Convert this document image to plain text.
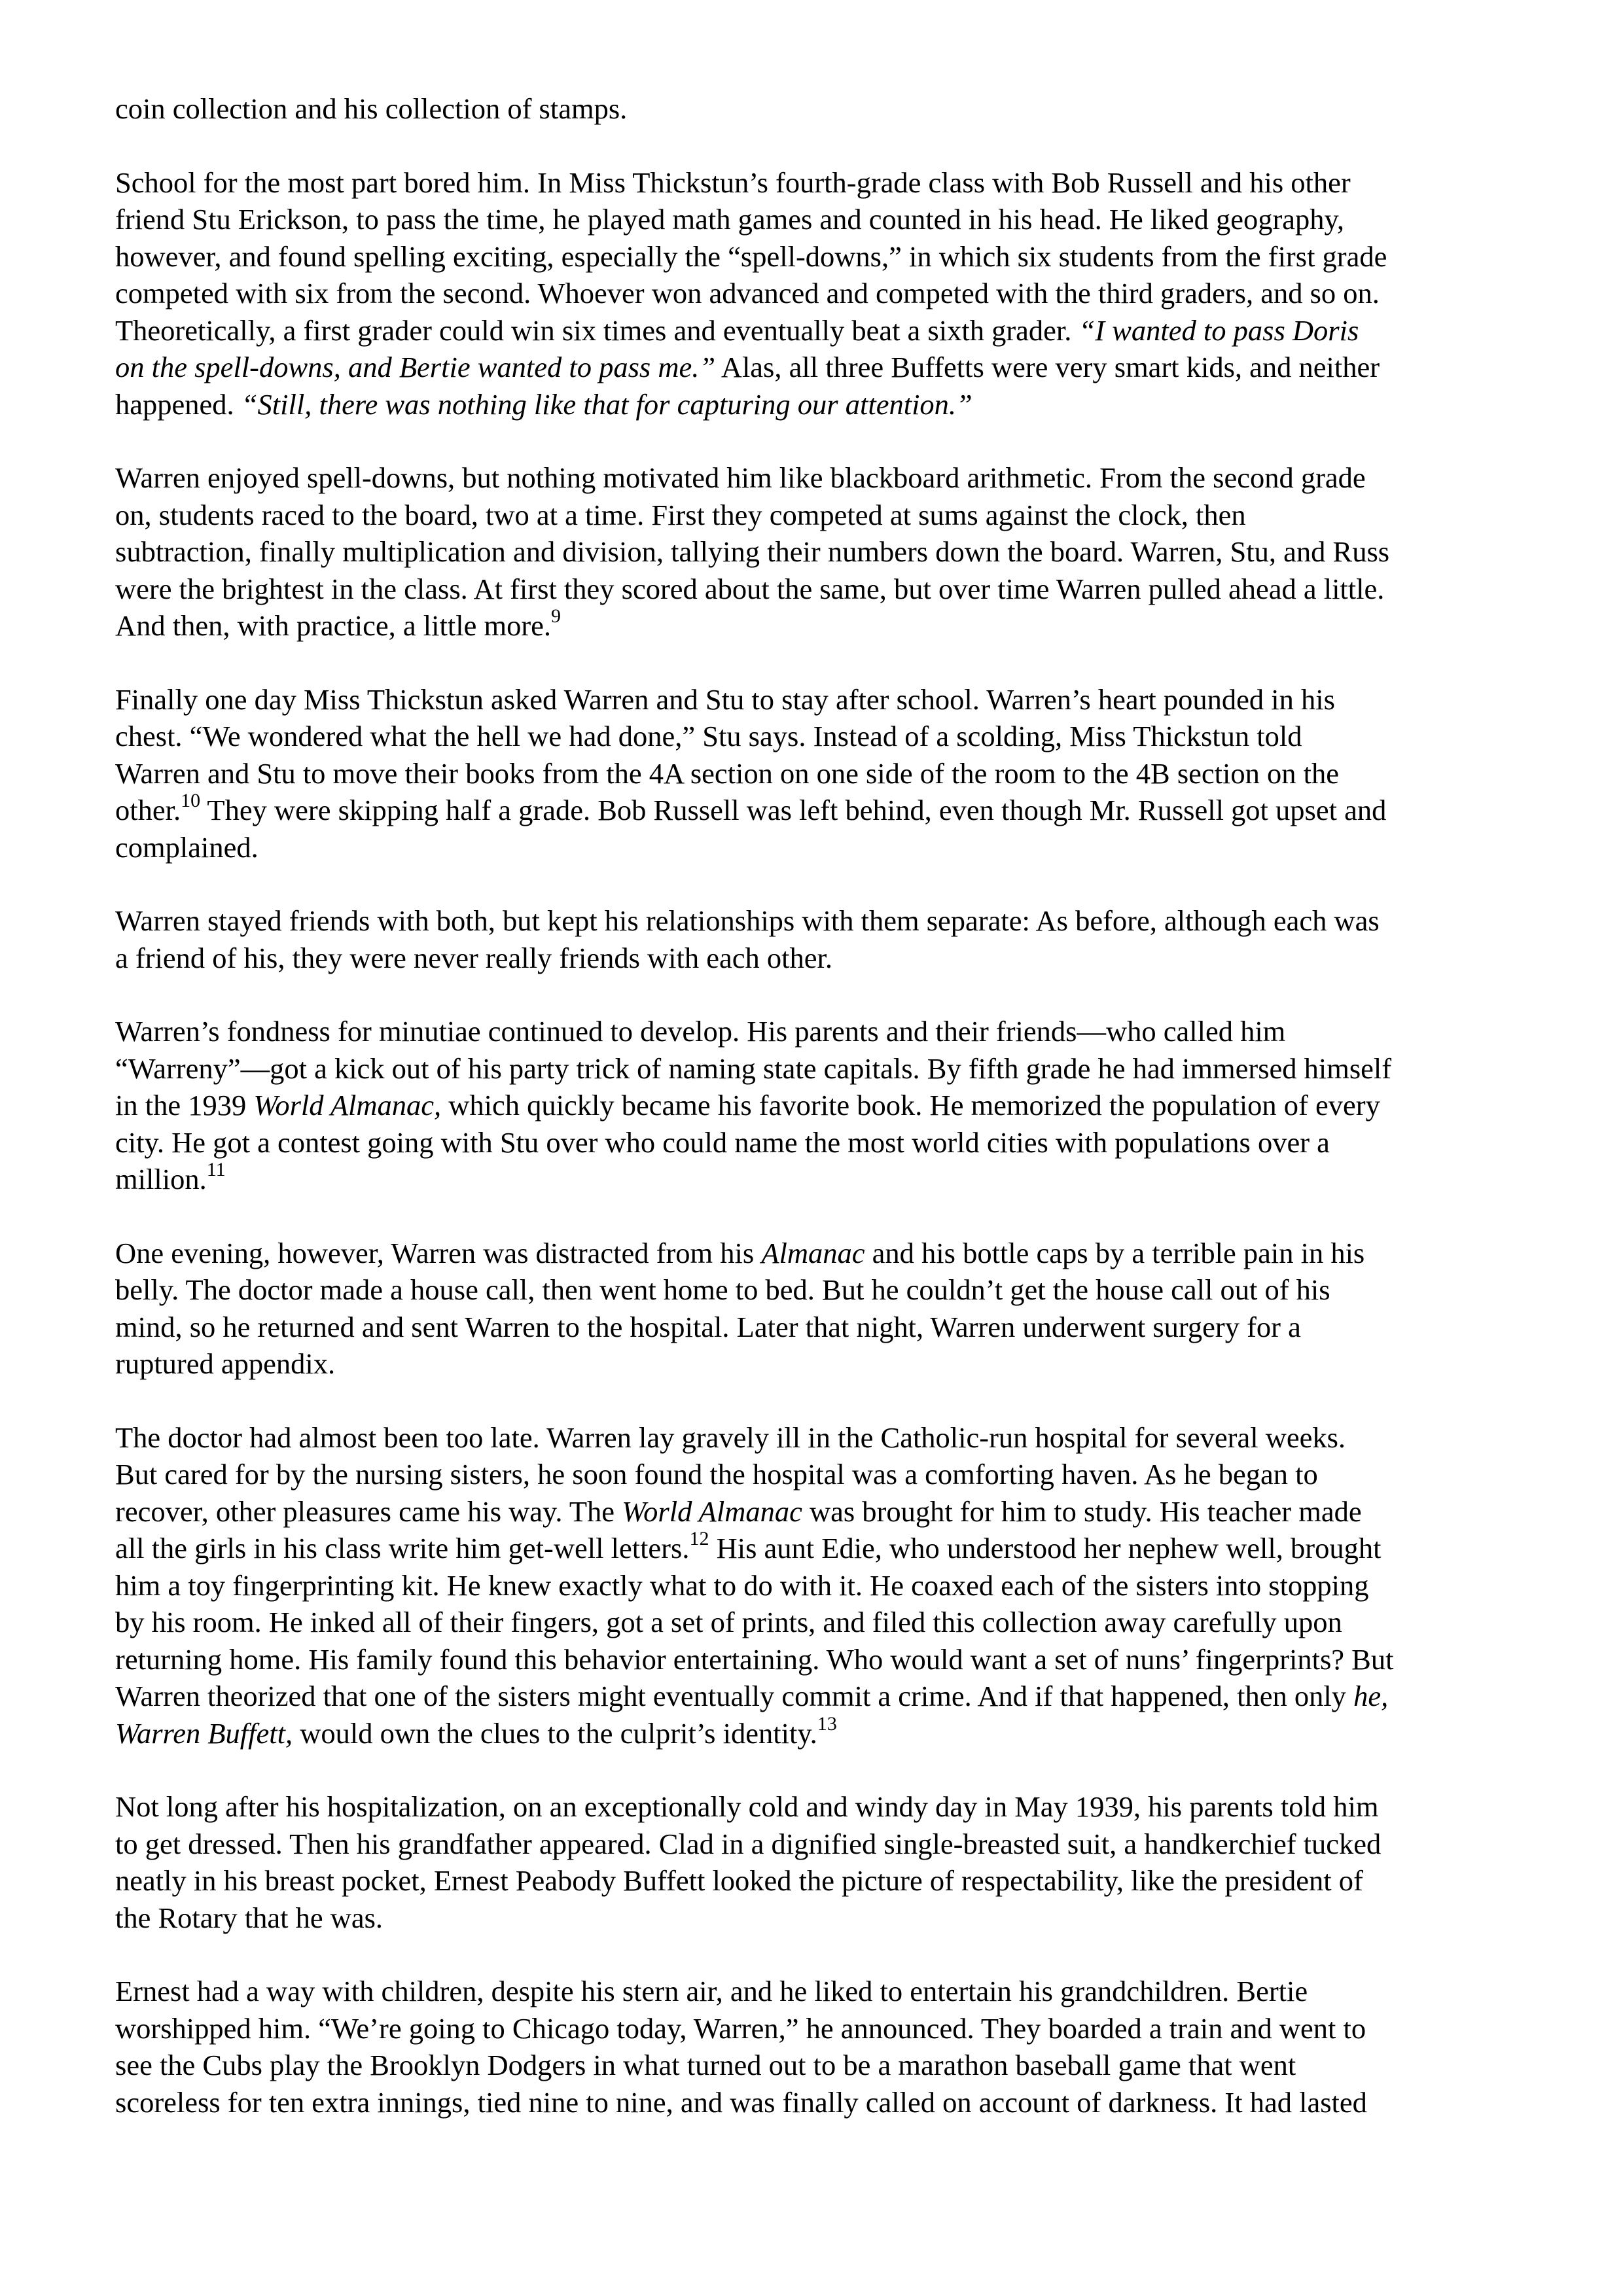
coin collection and his collection of stamps.
School for the most part bored him. In Miss Thickstun’s fourth-grade class with Bob Russell and his other
friend Stu Erickson, to pass the time, he played math games and counted in his head. He liked geography,
however, and found spelling exciting, especially the “spell-downs,” in which six students from the first grade
competed with six from the second. Whoever won advanced and competed with the third graders, and so on.
Theoretically, a first grader could win six times and eventually beat a sixth grader. “I wanted to pass Doris
on the spell-downs, and Bertie wanted to pass me.” Alas, all three Buffetts were very smart kids, and neither
happened. “Still, there was nothing like that for capturing our attention.”
Warren enjoyed spell-downs, but nothing motivated him like blackboard arithmetic. From the second grade
on, students raced to the board, two at a time. First they competed at sums against the clock, then
subtraction, finally multiplication and division, tallying their numbers down the board. Warren, Stu, and Russ
were the brightest in the class. At first they scored about the same, but over time Warren pulled ahead a little.
And then, with practice, a little more.$^9$
Finally one day Miss Thickstun asked Warren and Stu to stay after school. Warren’s heart pounded in his
chest. “We wondered what the hell we had done,” Stu says. Instead of a scolding, Miss Thickstun told
Warren and Stu to move their books from the 4A section on one side of the room to the 4B section on the
other.$^{10}$ They were skipping half a grade. Bob Russell was left behind, even though Mr. Russell got upset and
complained.
Warren stayed friends with both, but kept his relationships with them separate: As before, although each was
a friend of his, they were never really friends with each other.
Warren’s fondness for minutiae continued to develop. His parents and their friends—who called him
“Warreny”—got a kick out of his party trick of naming state capitals. By fifth grade he had immersed himself
in the 1939 World Almanac, which quickly became his favorite book. He memorized the population of every
city. He got a contest going with Stu over who could name the most world cities with populations over a
million.$^{11}$
One evening, however, Warren was distracted from his Almanac and his bottle caps by a terrible pain in his
belly. The doctor made a house call, then went home to bed. But he couldn’t get the house call out of his
mind, so he returned and sent Warren to the hospital. Later that night, Warren underwent surgery for a
ruptured appendix.
The doctor had almost been too late. Warren lay gravely ill in the Catholic-run hospital for several weeks.
But cared for by the nursing sisters, he soon found the hospital was a comforting haven. As he began to
recover, other pleasures came his way. The World Almanac was brought for him to study. His teacher made
all the girls in his class write him get-well letters.$^{12}$ His aunt Edie, who understood her nephew well, brought
him a toy fingerprinting kit. He knew exactly what to do with it. He coaxed each of the sisters into stopping
by his room. He inked all of their fingers, got a set of prints, and filed this collection away carefully upon
returning home. His family found this behavior entertaining. Who would want a set of nuns’ fingerprints? But
Warren theorized that one of the sisters might eventually commit a crime. And if that happened, then only he,
Warren Buffett, would own the clues to the culprit’s identity.$^{13}$
Not long after his hospitalization, on an exceptionally cold and windy day in May 1939, his parents told him
to get dressed. Then his grandfather appeared. Clad in a dignified single-breasted suit, a handkerchief tucked
neatly in his breast pocket, Ernest Peabody Buffett looked the picture of respectability, like the president of
the Rotary that he was.
Ernest had a way with children, despite his stern air, and he liked to entertain his grandchildren. Bertie
worshipped him. “We’re going to Chicago today, Warren,” he announced. They boarded a train and went to
see the Cubs play the Brooklyn Dodgers in what turned out to be a marathon baseball game that went
scoreless for ten extra innings, tied nine to nine, and was finally called on account of darkness. It had lasted
